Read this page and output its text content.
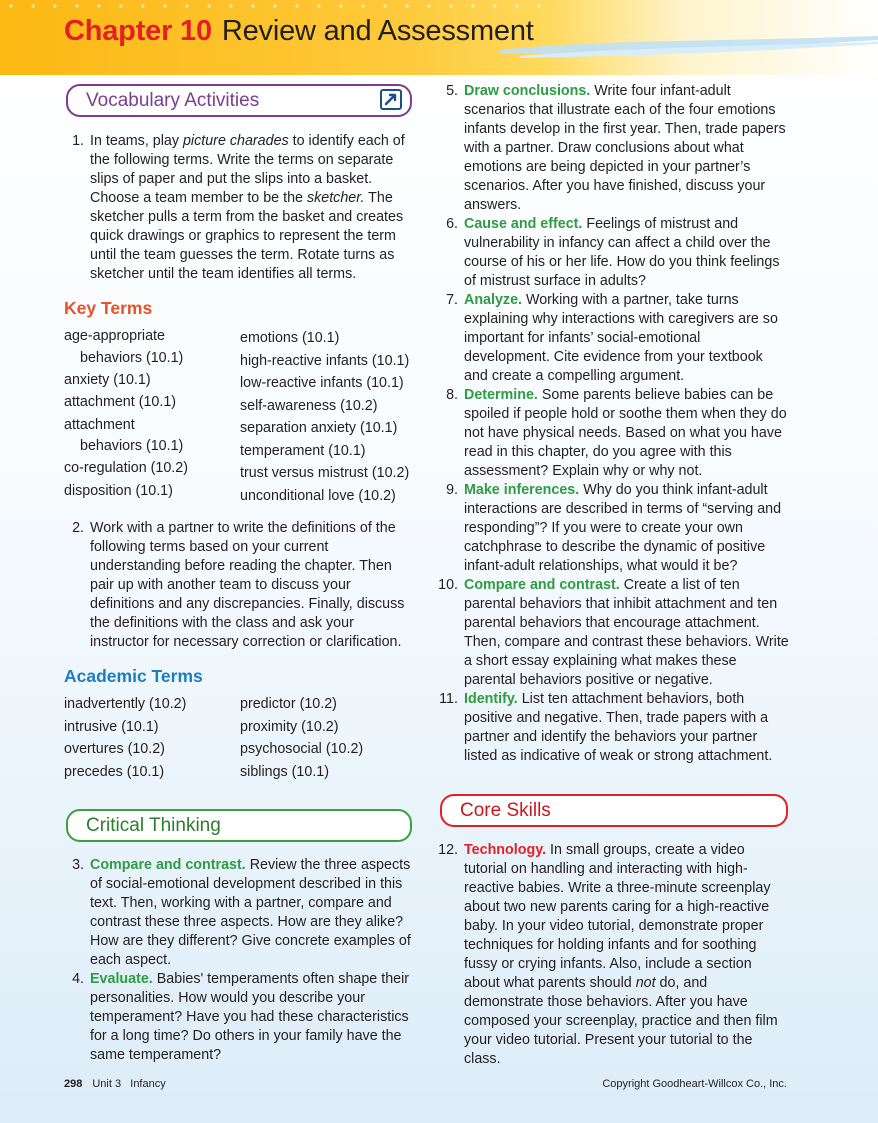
Chapter 10 Review and Assessment
Vocabulary Activities

1. In teams, play picture charades to identify each of the following terms. Write the terms on separate slips of paper and put the slips into a basket. Choose a team member to be the sketcher. The sketcher pulls a term from the basket and creates quick drawings or graphics to represent the term until the team guesses the term. Rotate turns as sketcher until the team identifies all terms.

Key Terms
age-appropriate
behaviors (10.1)
anxiety (10.1)
attachment (10.1)
attachment
behaviors (10.1)
co-regulation (10.2)
disposition (10.1)
emotions (10.1)
high-reactive infants (10.1)
low-reactive infants (10.1)
self-awareness (10.2)
separation anxiety (10.1)
temperament (10.1)
trust versus mistrust (10.2)
unconditional love (10.2)

2. Work with a partner to write the definitions of the following terms based on your current understanding before reading the chapter. Then pair up with another team to discuss your definitions and any discrepancies. Finally, discuss the definitions with the class and ask your instructor for necessary correction or clarification.

Academic Terms
inadvertently (10.2)
intrusive (10.1)
overtures (10.2)
precedes (10.1)
predictor (10.2)
proximity (10.2)
psychosocial (10.2)
siblings (10.1)
Critical Thinking

3. Compare and contrast. Review the three aspects of social-emotional development described in this text. Then, working with a partner, compare and contrast these three aspects. How are they alike? How are they different? Give concrete examples of each aspect.

4. Evaluate. Babies' temperaments often shape their personalities. How would you describe your temperament? Have you had these characteristics for a long time? Do others in your family have the same temperament?

5. Draw conclusions. Write four infant-adult scenarios that illustrate each of the four emotions infants develop in the first year. Then, trade papers with a partner. Draw conclusions about what emotions are being depicted in your partner’s scenarios. After you have finished, discuss your answers.

6. Cause and effect. Feelings of mistrust and vulnerability in infancy can affect a child over the course of his or her life. How do you think feelings of mistrust surface in adults?

7. Analyze. Working with a partner, take turns explaining why interactions with caregivers are so important for infants’ social-emotional development. Cite evidence from your textbook and create a compelling argument.

8. Determine. Some parents believe babies can be spoiled if people hold or soothe them when they do not have physical needs. Based on what you have read in this chapter, do you agree with this assessment? Explain why or why not.

9. Make inferences. Why do you think infant-adult interactions are described in terms of “serving and responding”? If you were to create your own catchphrase to describe the dynamic of positive infant-adult relationships, what would it be?

10. Compare and contrast. Create a list of ten parental behaviors that inhibit attachment and ten parental behaviors that encourage attachment. Then, compare and contrast these behaviors. Write a short essay explaining what makes these parental behaviors positive or negative.

11. Identify. List ten attachment behaviors, both positive and negative. Then, trade papers with a partner and identify the behaviors your partner listed as indicative of weak or strong attachment.

Core Skills

12. Technology. In small groups, create a video tutorial on handling and interacting with high-reactive babies. Write a three-minute screenplay about two new parents caring for a high-reactive baby. In your video tutorial, demonstrate proper techniques for holding infants and for soothing fussy or crying infants. Also, include a section about what parents should not do, and demonstrate those behaviors. After you have composed your screenplay, practice and then film your video tutorial. Present your tutorial to the class.

298 Unit 3   Infancy	Copyright Goodheart-Willcox Co., Inc.
